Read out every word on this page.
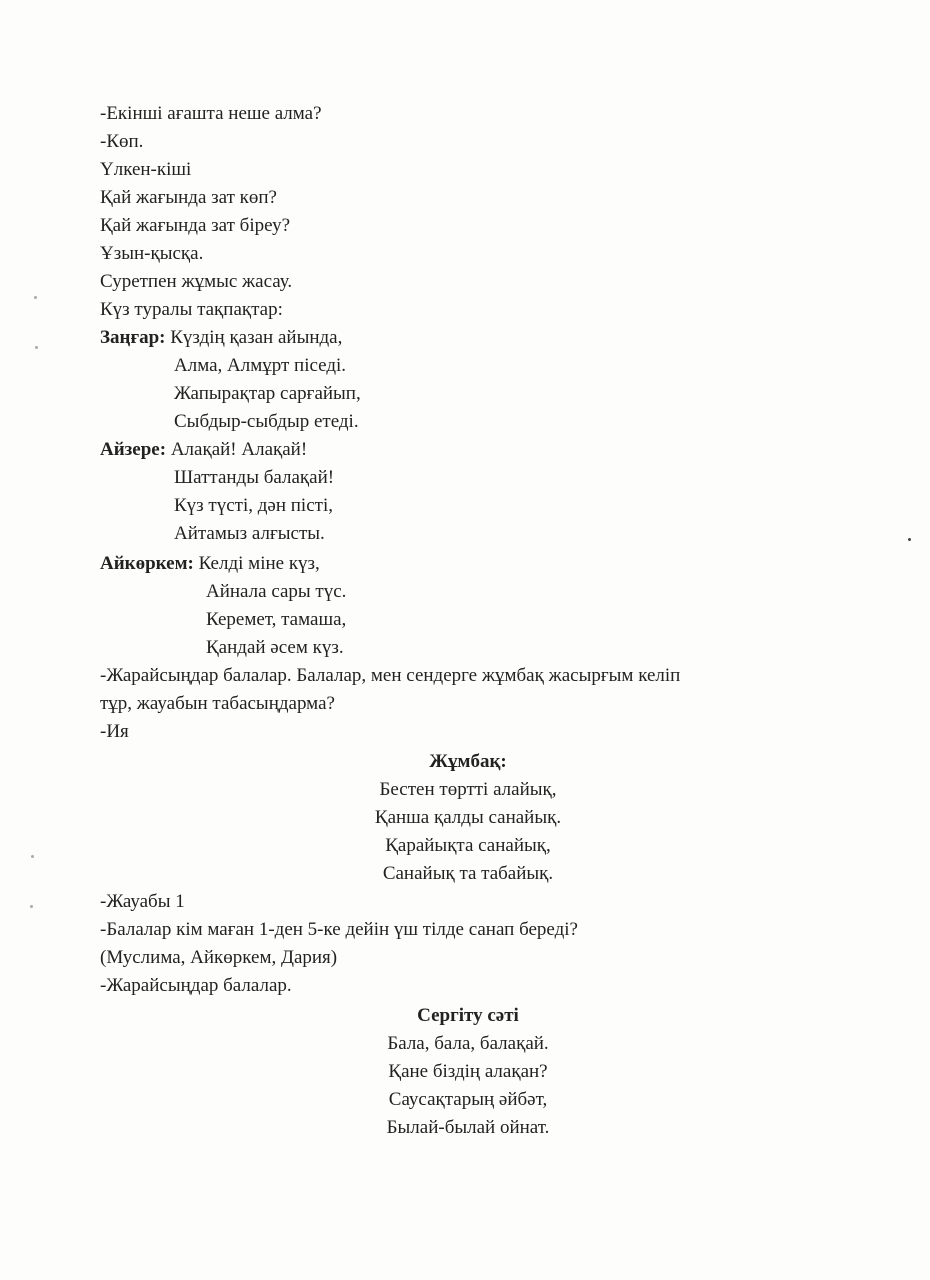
-Екінші ағашта неше алма?
-Көп.
Үлкен-кіші
Қай жағында зат көп?
Қай жағында зат біреу?
Ұзын-қысқа.
Суретпен жұмыс жасау.
Күз туралы тақпақтар:
Заңғар: Күздің қазан айында,
Алма, Алмұрт піседі.
Жапырақтар сарғайып,
Сыбдыр-сыбдыр етеді.
Айзере: Алақай! Алақай!
Шаттанды балақай!
Күз түсті, дән пісті,
Айтамыз алғысты.
Айкөркем: Келді міне күз,
Айнала сары түс.
Керемет, тамаша,
Қандай әсем күз.
-Жарайсыңдар балалар. Балалар, мен сендерге жұмбақ жасырғым келіп
тұр, жауабын табасыңдарма?
-Ия
Жұмбақ:
Бестен төртті алайық,
Қанша қалды санайық.
Қарайықта санайық,
Санайық та табайық.
-Жауабы 1
-Балалар кім маған 1-ден 5-ке дейін үш тілде санап береді?
(Муслима, Айкөркем, Дария)
-Жарайсыңдар балалар.
Сергіту сәті
Бала, бала, балақай.
Қане біздің алақан?
Саусақтарың әйбәт,
Былай-былай ойнат.
